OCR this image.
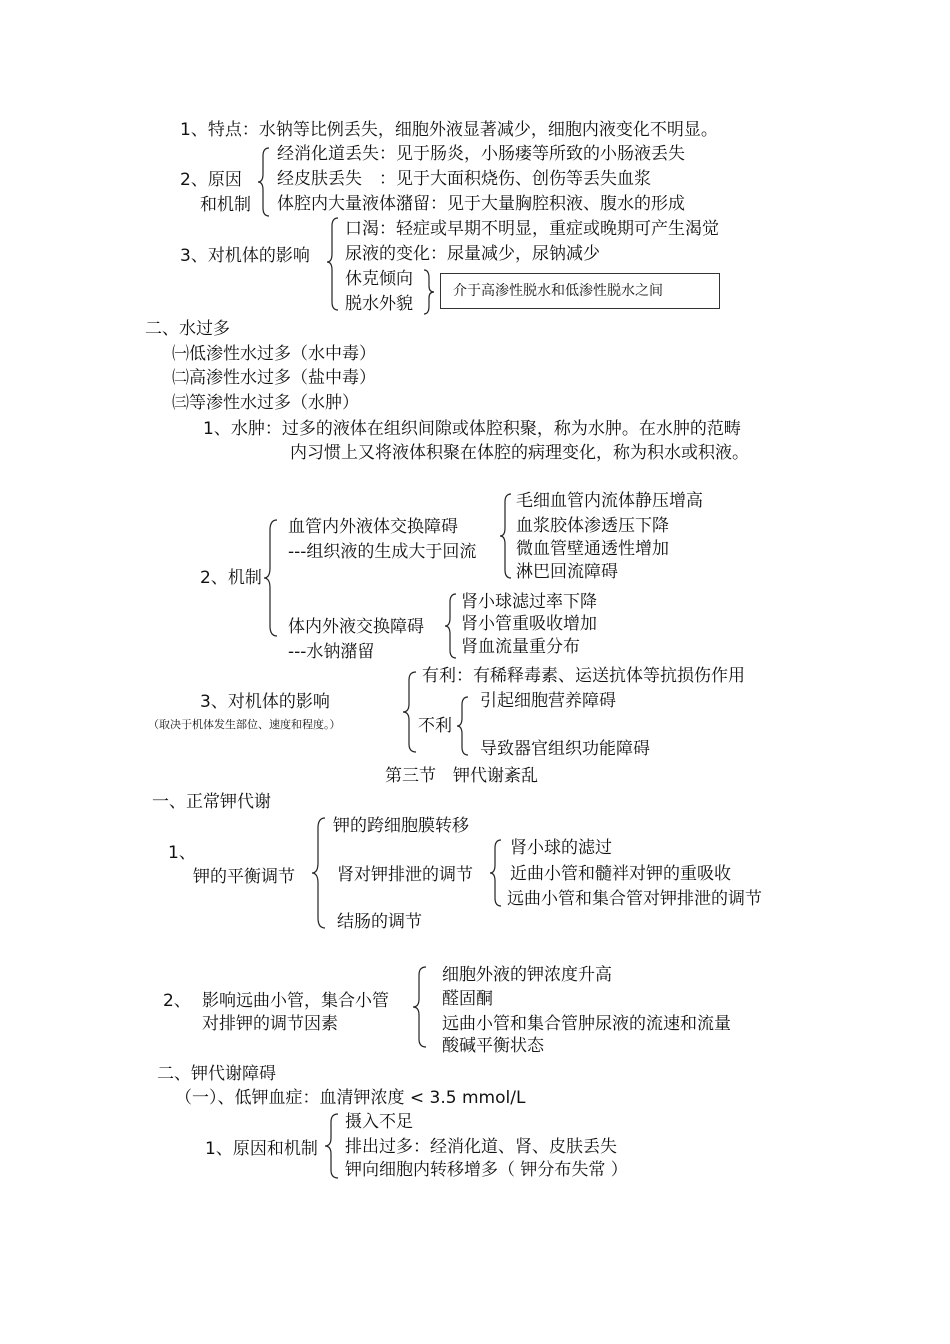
1、特点：水钠等比例丢失，细胞外液显著减少，细胞内液变化不明显。
2、原因
和机制
经消化道丢失：见于肠炎，小肠瘘等所致的小肠液丢失
经皮肤丢失　：见于大面积烧伤、创伤等丢失血浆
体腔内大量液体潴留：见于大量胸腔积液、腹水的形成
3、对机体的影响
口渴：轻症或早期不明显，重症或晚期可产生渴觉
尿液的变化：尿量减少，尿钠减少
休克倾向
脱水外貌
介于高渗性脱水和低渗性脱水之间
二、水过多
㈠低渗性水过多（水中毒）
㈡高渗性水过多（盐中毒）
㈢等渗性水过多（水肿）
1、水肿：过多的液体在组织间隙或体腔积聚，称为水肿。在水肿的范畴
内习惯上又将液体积聚在体腔的病理变化，称为积水或积液。
2、机制
血管内外液体交换障碍
---组织液的生成大于回流
毛细血管内流体静压增高
血浆胶体渗透压下降
微血管壁通透性增加
淋巴回流障碍
体内外液交换障碍
---水钠潴留
肾小球滤过率下降
肾小管重吸收增加
肾血流量重分布
3、对机体的影响
（取决于机体发生部位、速度和程度。）
有利：有稀释毒素、运送抗体等抗损伤作用
不利
引起细胞营养障碍
导致器官组织功能障碍
第三节　钾代谢紊乱
一、正常钾代谢
1、
钾的平衡调节
钾的跨细胞膜转移
肾对钾排泄的调节
结肠的调节
肾小球的滤过
近曲小管和髓袢对钾的重吸收
远曲小管和集合管对钾排泄的调节
2、 影响远曲小管，集合小管
对排钾的调节因素
细胞外液的钾浓度升高
醛固酮
远曲小管和集合管肿尿液的流速和流量
酸碱平衡状态
二、钾代谢障碍
（一）、低钾血症：血清钾浓度 < 3.5 mmol/L
1、原因和机制
摄入不足
排出过多：经消化道、肾、皮肤丢失
钾向细胞内转移增多（ 钾分布失常 ）
